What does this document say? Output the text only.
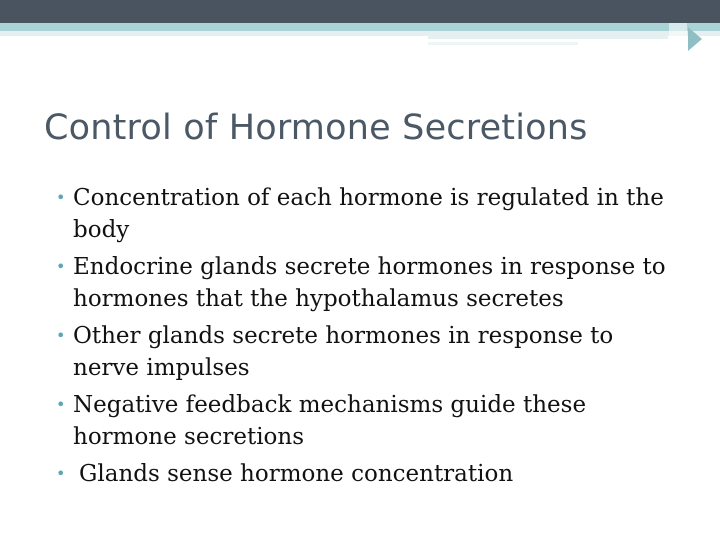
Control of Hormone Secretions
• Concentration of each hormone is regulated in the body
• Endocrine glands secrete hormones in response to hormones that the hypothalamus secretes
• Other glands secrete hormones in response to nerve impulses
• Negative feedback mechanisms guide these hormone secretions
• Glands sense hormone concentration
